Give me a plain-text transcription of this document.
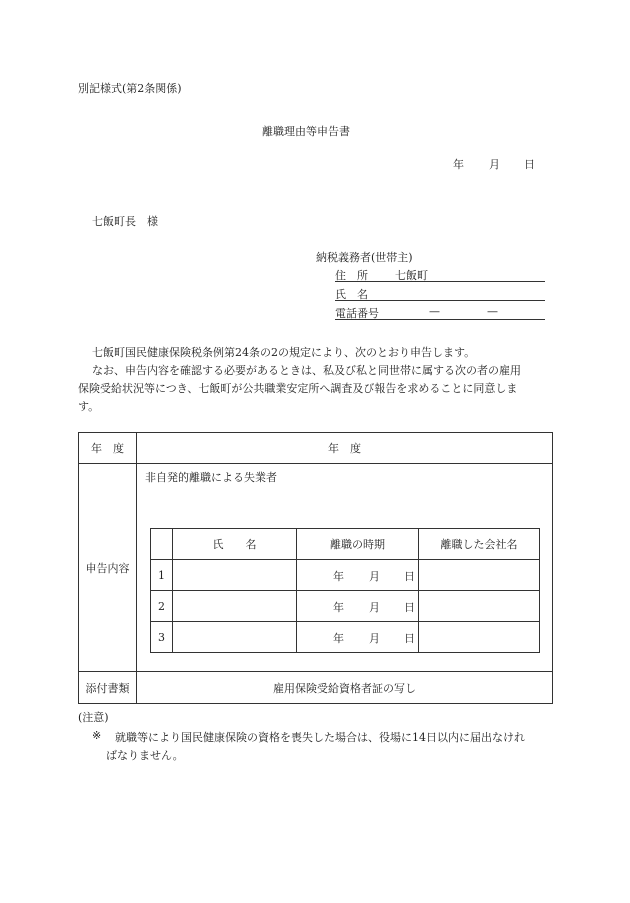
別記様式(第2条関係)
離職理由等申告書
年 月 日
七飯町長　様
納税義務者(世帯主)
住　所 七飯町
氏　名
電話番号	—	—
七飯町国民健康保険税条例第24条の2の規定により、次のとおり申告します。
なお、申告内容を確認する必要があるときは、私及び私と同世帯に属する次の者の雇用
保険受給状況等につき、七飯町が公共職業安定所へ調査及び報告を求めることに同意しま
す。
年　度	年　度
申告内容	非自発的離職による失業者

添付書類	雇用保険受給資格者証の写し
	氏　　名	離職の時期	離職した会社名
1		年 月 日	

2		年 月 日	

3		年 月 日	

(注意)
※ 就職等により国民健康保険の資格を喪失した場合は、役場に14日以内に届出なけれ
ばなりません。
